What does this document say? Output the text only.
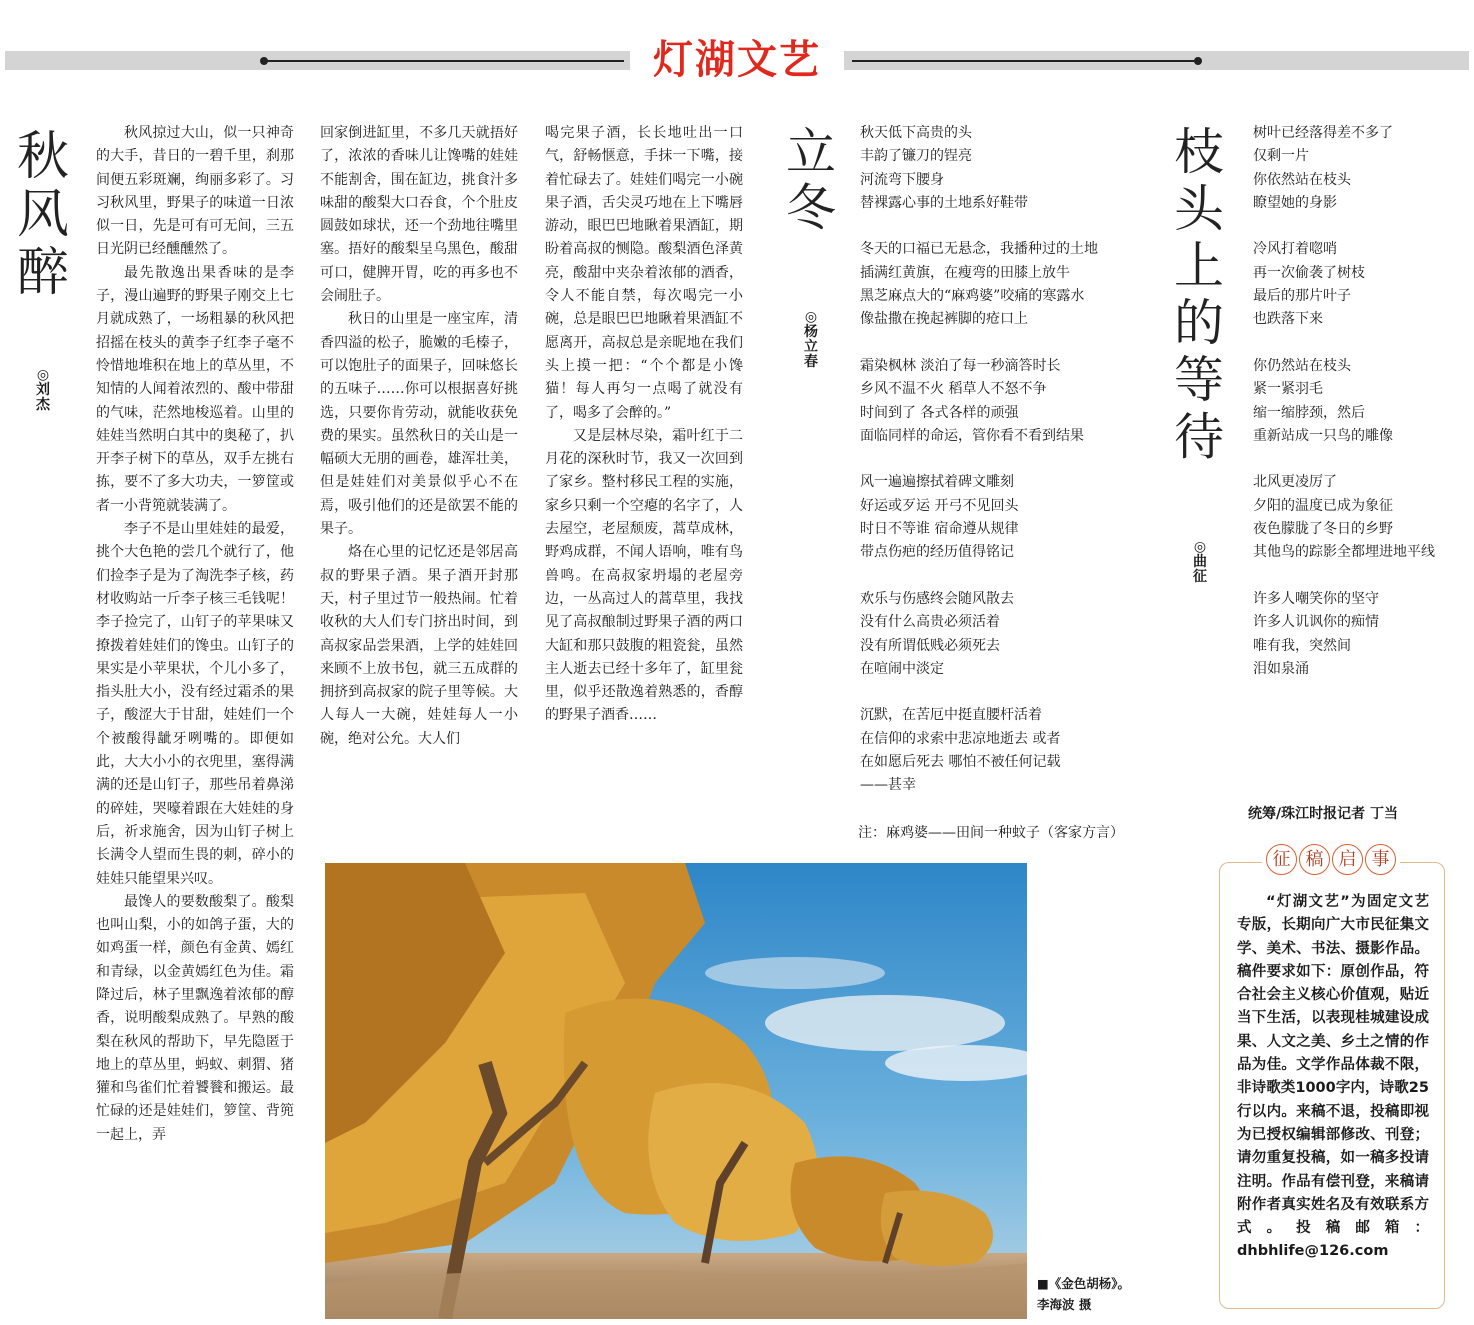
灯湖文艺
秋
风
醉
◎
刘
杰

秋风掠过大山，似一只神奇的大手，昔日的一碧千里，刹那间便五彩斑斓，绚丽多彩了。习习秋风里，野果子的味道一日浓似一日，先是可有可无间，三五日光阴已经醺醺然了。

最先散逸出果香味的是李子，漫山遍野的野果子刚交上七月就成熟了，一场粗暴的秋风把招摇在枝头的黄李子红李子毫不怜惜地堆积在地上的草丛里，不知情的人闻着浓烈的、酸中带甜的气味，茫然地梭巡着。山里的娃娃当然明白其中的奥秘了，扒开李子树下的草丛，双手左挑右拣，要不了多大功夫，一箩筐或者一小背篼就装满了。

李子不是山里娃娃的最爱，挑个大色艳的尝几个就行了，他们捡李子是为了淘洗李子核，药材收购站一斤李子核三毛钱呢！李子捡完了，山钉子的苹果味又撩拨着娃娃们的馋虫。山钉子的果实是小苹果状，个儿小多了，指头肚大小，没有经过霜杀的果子，酸涩大于甘甜，娃娃们一个个被酸得龇牙咧嘴的。即便如此，大大小小的衣兜里，塞得满满的还是山钉子，那些吊着鼻涕的碎娃，哭嚎着跟在大娃娃的身后，祈求施舍，因为山钉子树上长满令人望而生畏的刺，碎小的娃娃只能望果兴叹。

最馋人的要数酸梨了。酸梨也叫山梨，小的如鸽子蛋，大的如鸡蛋一样，颜色有金黄、嫣红和青绿，以金黄嫣红色为佳。霜降过后，林子里飘逸着浓郁的醇香，说明酸梨成熟了。早熟的酸梨在秋风的帮助下，早先隐匿于地上的草丛里，蚂蚁、刺猬、猪獾和鸟雀们忙着饕餮和搬运。最忙碌的还是娃娃们，箩筐、背篼一起上，弄

回家倒进缸里，不多几天就捂好了，浓浓的香味儿让馋嘴的娃娃不能割舍，围在缸边，挑食汁多味甜的酸梨大口吞食，个个肚皮圆鼓如球状，还一个劲地往嘴里塞。捂好的酸梨呈乌黑色，酸甜可口，健脾开胃，吃的再多也不会闹肚子。

秋日的山里是一座宝库，清香四溢的松子，脆嫩的毛榛子，可以饱肚子的面果子，回味悠长的五味子……你可以根据喜好挑选，只要你肯劳动，就能收获免费的果实。虽然秋日的关山是一幅硕大无朋的画卷，雄浑壮美，但是娃娃们对美景似乎心不在焉，吸引他们的还是欲罢不能的果子。

烙在心里的记忆还是邻居高叔的野果子酒。果子酒开封那天，村子里过节一般热闹。忙着收秋的大人们专门挤出时间，到高叔家品尝果酒，上学的娃娃回来顾不上放书包，就三五成群的拥挤到高叔家的院子里等候。大人每人一大碗，娃娃每人一小碗，绝对公允。大人们

喝完果子酒，长长地吐出一口气，舒畅惬意，手抹一下嘴，接着忙碌去了。娃娃们喝完一小碗果子酒，舌尖灵巧地在上下嘴唇游动，眼巴巴地瞅着果酒缸，期盼着高叔的恻隐。酸梨酒色泽黄亮，酸甜中夹杂着浓郁的酒香，令人不能自禁，每次喝完一小碗，总是眼巴巴地瞅着果酒缸不愿离开，高叔总是亲昵地在我们头上摸一把：“个个都是小馋猫！每人再匀一点喝了就没有了，喝多了会醉的。”

又是层林尽染，霜叶红于二月花的深秋时节，我又一次回到了家乡。整村移民工程的实施，家乡只剩一个空瘪的名字了，人去屋空，老屋颓废，蒿草成林，野鸡成群，不闻人语响，唯有鸟兽鸣。在高叔家坍塌的老屋旁边，一丛高过人的蒿草里，我找见了高叔酿制过野果子酒的两口大缸和那只鼓腹的粗瓷瓮，虽然主人逝去已经十多年了，缸里瓮里，似乎还散逸着熟悉的，香醇的野果子酒香……

立
冬
◎
杨
立
春
秋天低下高贵的头
丰韵了镰刀的锃亮
河流弯下腰身
替裸露心事的土地系好鞋带
冬天的口福已无悬念，我播种过的土地
插满红黄旗，在瘦弯的田膝上放牛
黑芝麻点大的“麻鸡婆”咬痛的寒露水
像盐撒在挽起裤脚的疮口上
霜染枫林 淡泊了每一秒滴答时长
乡风不温不火 稻草人不怒不争
时间到了 各式各样的顽强
面临同样的命运，管你看不看到结果
风一遍遍擦拭着碑文雕刻
好运或歹运 开弓不见回头
时日不等谁 宿命遵从规律
带点伤疤的经历值得铭记
欢乐与伤感终会随风散去
没有什么高贵必须活着
没有所谓低贱必须死去
在喧闹中淡定
沉默，在苦厄中挺直腰杆活着
在信仰的求索中悲凉地逝去 或者
在如愿后死去 哪怕不被任何记载
——甚幸
注：麻鸡婆——田间一种蚊子（客家方言）
枝
头
上
的
等
待
◎
曲
征
树叶已经落得差不多了
仅剩一片
你依然站在枝头
瞭望她的身影
冷风打着唿哨
再一次偷袭了树枝
最后的那片叶子
也跌落下来
你仍然站在枝头
紧一紧羽毛
缩一缩脖颈，然后
重新站成一只鸟的雕像
北风更凌厉了
夕阳的温度已成为象征
夜色朦胧了冬日的乡野
其他鸟的踪影全都埋进地平线
许多人嘲笑你的坚守
许多人讥讽你的痴情
唯有我，突然间
泪如泉涌
■《金色胡杨》。
李海波 摄
统筹/珠江时报记者 丁当
征 稿 启 事

“灯湖文艺”为固定文艺专版，长期向广大市民征集文学、美术、书法、摄影作品。稿件要求如下：原创作品，符合社会主义核心价值观，贴近当下生活，以表现桂城建设成果、人文之美、乡土之情的作品为佳。文学作品体裁不限，非诗歌类1000字内，诗歌25行以内。来稿不退，投稿即视为已授权编辑部修改、刊登；请勿重复投稿，如一稿多投请注明。作品有偿刊登，来稿请附作者真实姓名及有效联系方式。投稿邮箱：dhbhlife@126.com
